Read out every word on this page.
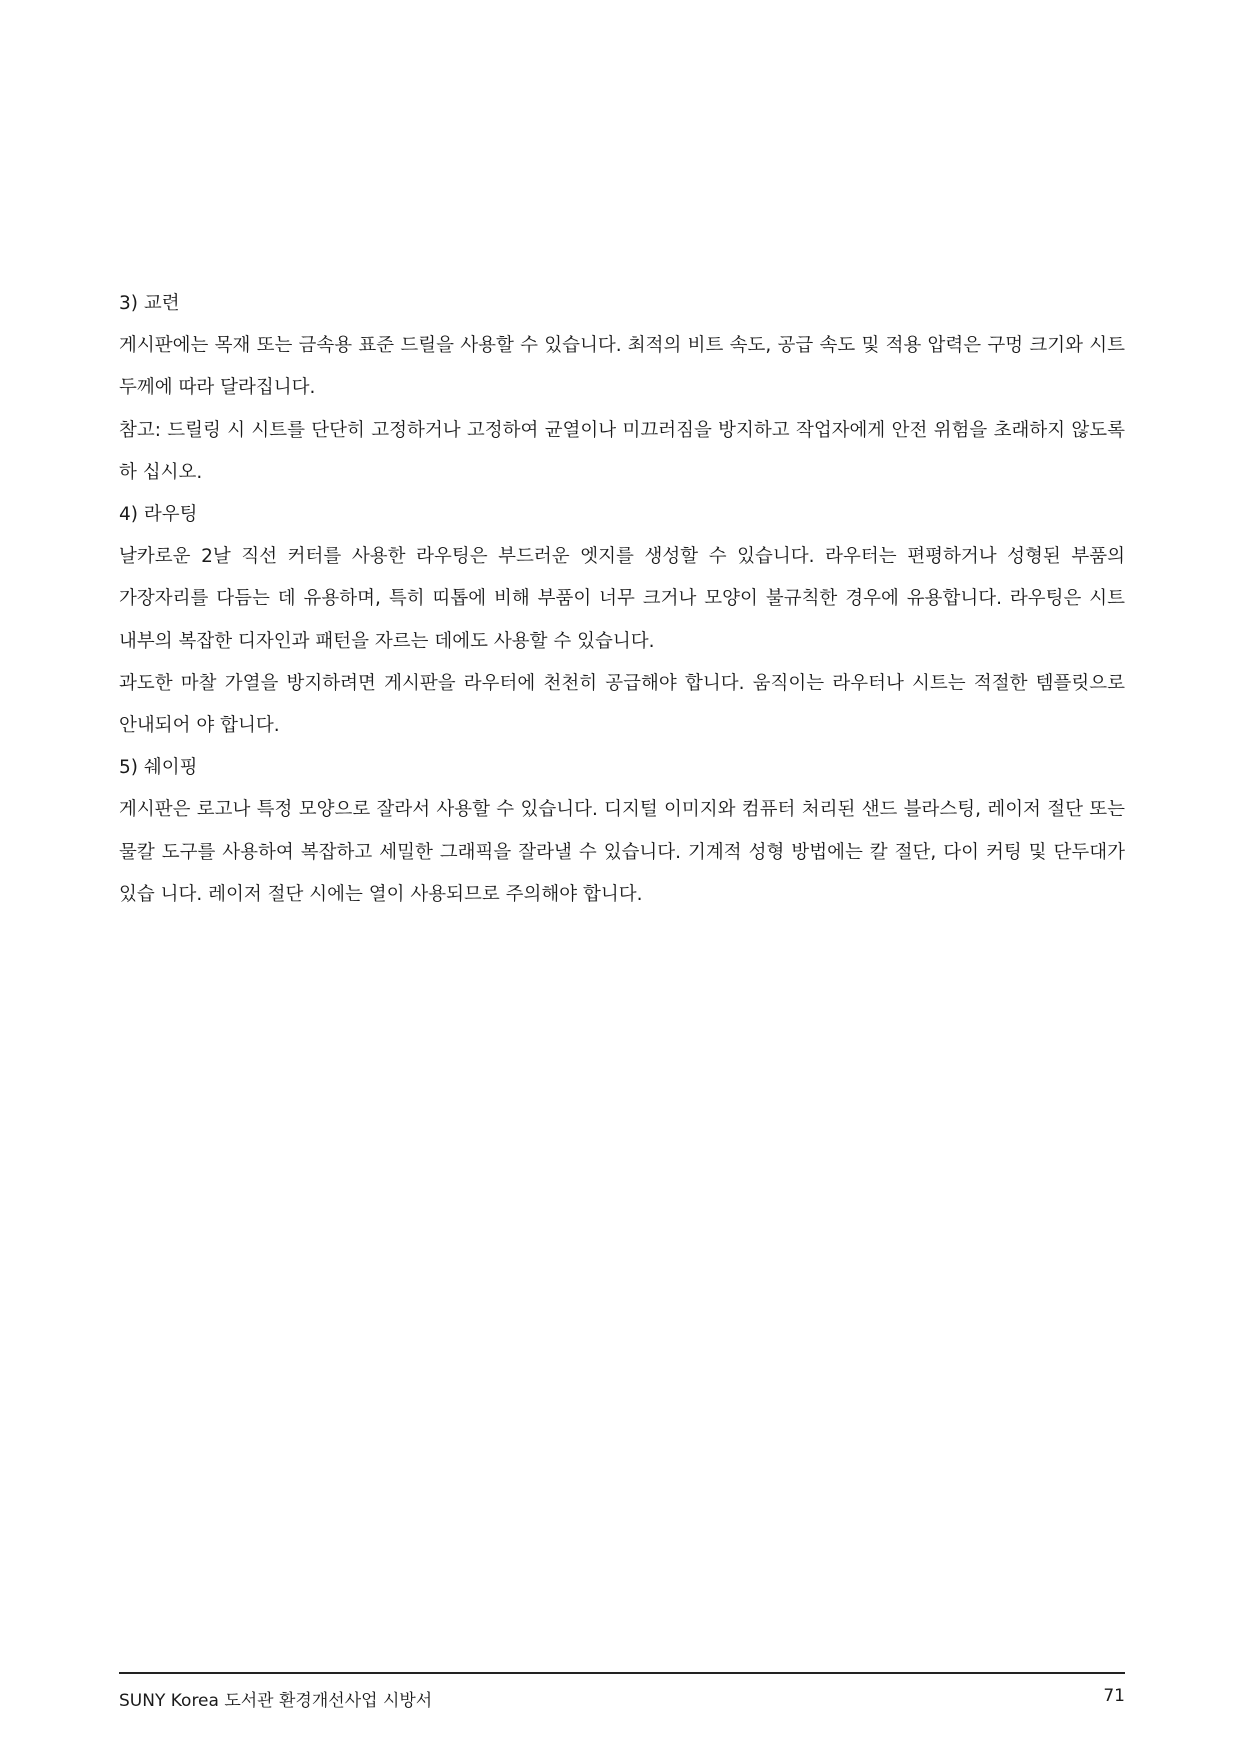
3) 교련

게시판에는 목재 또는 금속용 표준 드릴을 사용할 수 있습니다. 최적의 비트 속도, 공급 속도 및 적용 압력은 구멍 크기와 시트 두께에 따라 달라집니다.

참고: 드릴링 시 시트를 단단히 고정하거나 고정하여 균열이나 미끄러짐을 방지하고 작업자에게 안전 위험을 초래하지 않도록 하 십시오.

4) 라우팅

날카로운 2날 직선 커터를 사용한 라우팅은 부드러운 엣지를 생성할 수 있습니다. 라우터는 편평하거나 성형된 부품의 가장자리를 다듬는 데 유용하며, 특히 띠톱에 비해 부품이 너무 크거나 모양이 불규칙한 경우에 유용합니다. 라우팅은 시트 내부의 복잡한 디자인과 패턴을 자르는 데에도 사용할 수 있습니다.

과도한 마찰 가열을 방지하려면 게시판을 라우터에 천천히 공급해야 합니다. 움직이는 라우터나 시트는 적절한 템플릿으로 안내되어 야 합니다.

5) 쉐이핑

게시판은 로고나 특정 모양으로 잘라서 사용할 수 있습니다. 디지털 이미지와 컴퓨터 처리된 샌드 블라스팅, 레이저 절단 또는 물칼 도구를 사용하여 복잡하고 세밀한 그래픽을 잘라낼 수 있습니다. 기계적 성형 방법에는 칼 절단, 다이 커팅 및 단두대가 있습 니다. 레이저 절단 시에는 열이 사용되므로 주의해야 합니다.

SUNY Korea 도서관 환경개선사업 시방서	71
